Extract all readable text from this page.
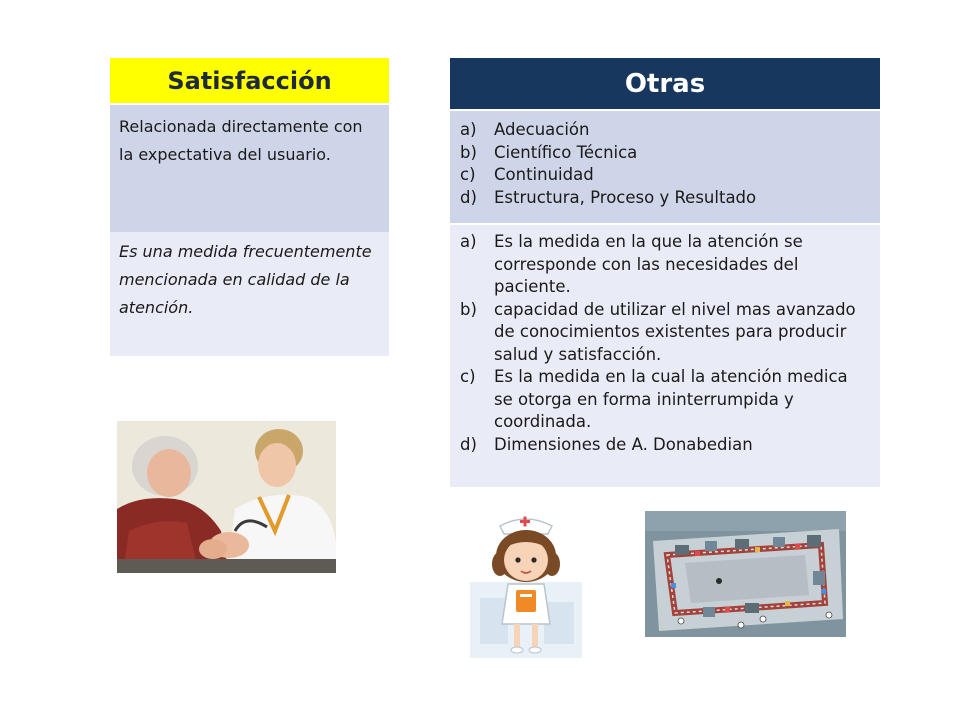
Satisfacción
Relacionada directamente con la expectativa del usuario.
Es una medida frecuentemente mencionada en calidad de la atención.
Otras
a)	Adecuación
b)	Científico Técnica
c)	Continuidad
d)	Estructura, Proceso y Resultado
a)	Es la medida en la que la atención se corresponde con las necesidades del paciente.
b)	capacidad de utilizar el nivel mas avanzado de conocimientos existentes para producir salud y satisfacción.
c)	Es la medida en la cual la atención medica se otorga en forma ininterrumpida y coordinada.
d)	Dimensiones de A. Donabedian
